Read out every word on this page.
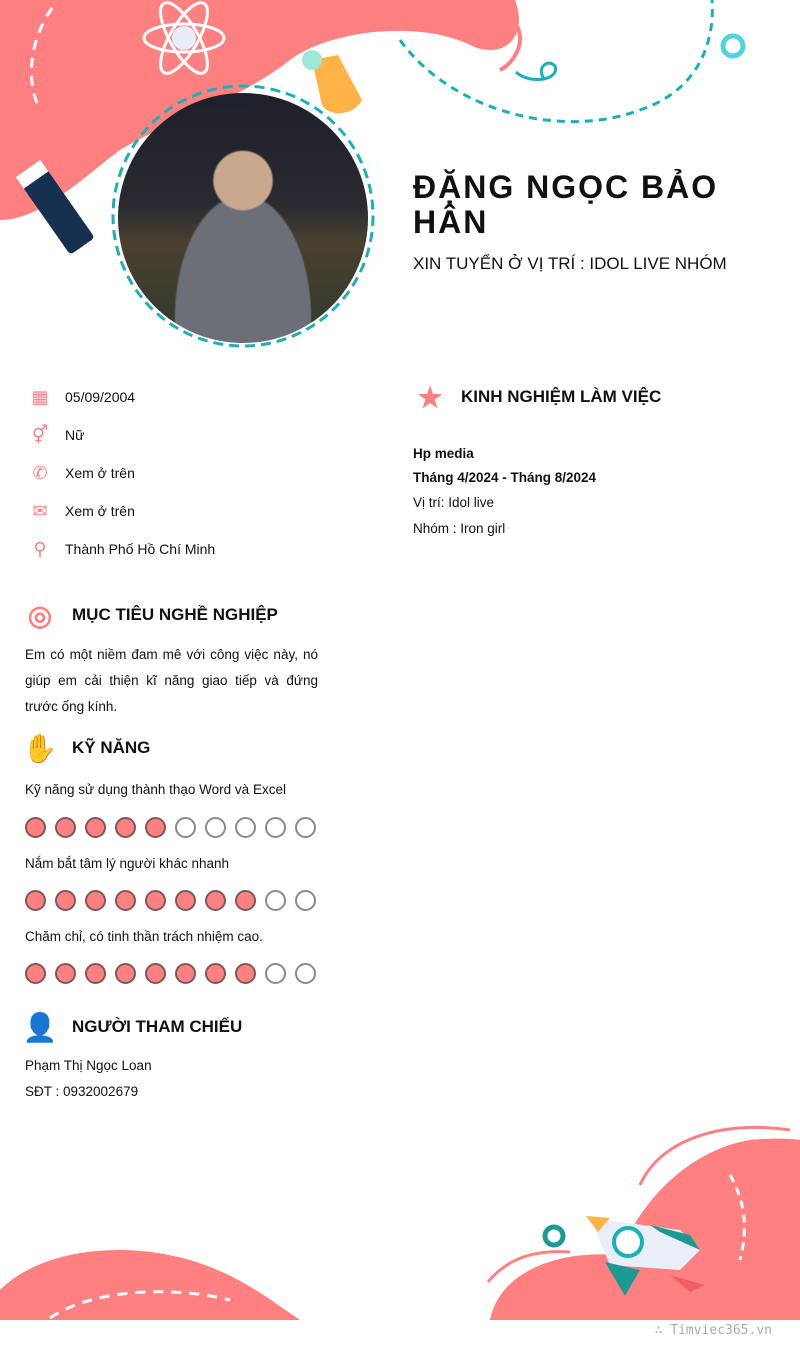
ĐẶNG NGỌC BẢO HÂN
XIN TUYỂN Ở VỊ TRÍ : IDOL LIVE NHÓM
▦ 05/09/2004
⚥ Nữ
✆ Xem ở trên
✉ Xem ở trên
⚲ Thành Phố Hồ Chí Minh
◎	MỤC TIÊU NGHỀ NGHIỆP
Em có một niềm đam mê với công việc này, nó giúp em cải thiện kĩ năng giao tiếp và đứng trước ống kính.
✋ KỸ NĂNG
Kỹ năng sử dụng thành thạo Word và Excel
Nắm bắt tâm lý người khác nhanh
Chăm chỉ, có tinh thần trách nhiệm cao.
👤 NGƯỜI THAM CHIẾU
Phạm Thị Ngọc Loan
SĐT : 0932002679
★ KINH NGHIỆM LÀM VIỆC
Hp media
Tháng 4/2024 - Tháng 8/2024
Vị trí: Idol live
Nhóm : Iron girl
∴ Timviec365.vn
